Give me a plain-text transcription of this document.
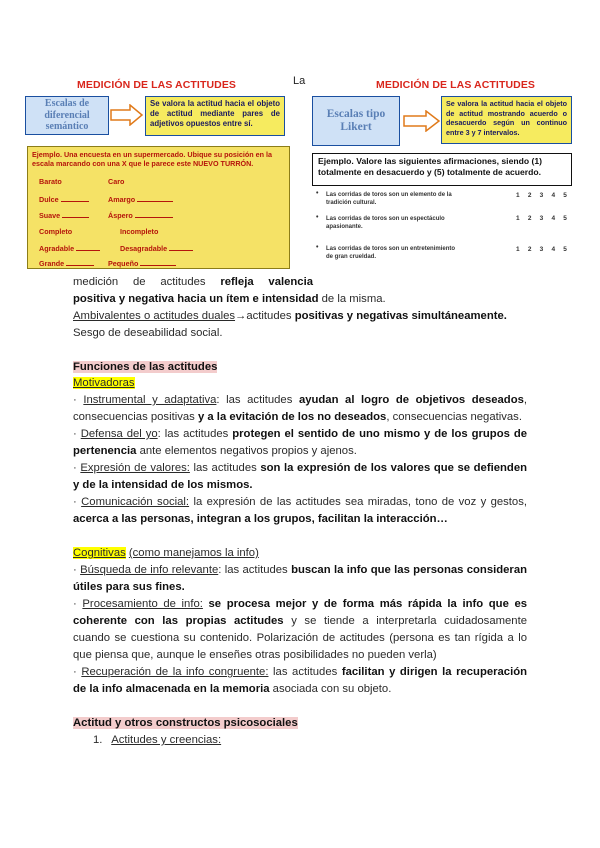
MEDICIÓN DE LAS ACTITUDES
Escalas de diferencial semántico
Se valora la actitud hacia el objeto de actitud mediante pares de adjetivos opuestos entre sí.
Ejemplo. Una encuesta en un supermercado. Ubique su posición en la escala marcando con una X que le parece este NUEVO TURRÓN.
Barato	Caro
Dulce	Amargo
Suave	Áspero
Completo	Incompleto
Agradable	Desagradable
Grande	Pequeño
La	MEDICIÓN DE LAS ACTITUDES
Escalas tipo Likert
Se valora la actitud hacia el objeto de actitud mostrando acuerdo o desacuerdo según un continuo entre 3 y 7 intervalos.
Ejemplo. Valore las siguientes afirmaciones, siendo (1) totalmente en desacuerdo y (5) totalmente de acuerdo.
• Las corridas de toros son un elemento de la tradición cultural.
1 2 3 4 5
• Las corridas de toros son un espectáculo apasionante.
1 2 3 4 5
• Las corridas de toros son un entretenimiento de gran crueldad.
1 2 3 4 5
medición de actitudes refleja valencia
positiva y negativa hacia un ítem e intensidad de la misma.
Ambivalentes o actitudes duales→actitudes positivas y negativas simultáneamente.
Sesgo de deseabilidad social.
Funciones de las actitudes
Motivadoras
· Instrumental y adaptativa: las actitudes ayudan al logro de objetivos deseados,
consecuencias positivas y a la evitación de los no deseados, consecuencias negativas.
· Defensa del yo: las actitudes protegen el sentido de uno mismo y de los grupos de
pertenencia ante elementos negativos propios y ajenos.
· Expresión de valores: las actitudes son la expresión de los valores que se defienden
y de la intensidad de los mismos.
· Comunicación social: la expresión de las actitudes sea miradas, tono de voz y gestos,
acerca a las personas, integran a los grupos, facilitan la interacción…
Cognitivas (como manejamos la info)
· Búsqueda de info relevante: las actitudes buscan la info que las personas consideran
útiles para sus fines.
· Procesamiento de info: se procesa mejor y de forma más rápida la info que es
coherente con las propias actitudes y se tiende a interpretarla cuidadosamente
cuando se cuestiona su contenido. Polarización de actitudes (persona es tan rígida a lo
que piensa que, aunque le enseñes otras posibilidades no pueden verla)
· Recuperación de la info congruente: las actitudes facilitan y dirigen la recuperación
de la info almacenada en la memoria asociada con su objeto.
Actitud y otros constructos psicosociales
1. Actitudes y creencias:
